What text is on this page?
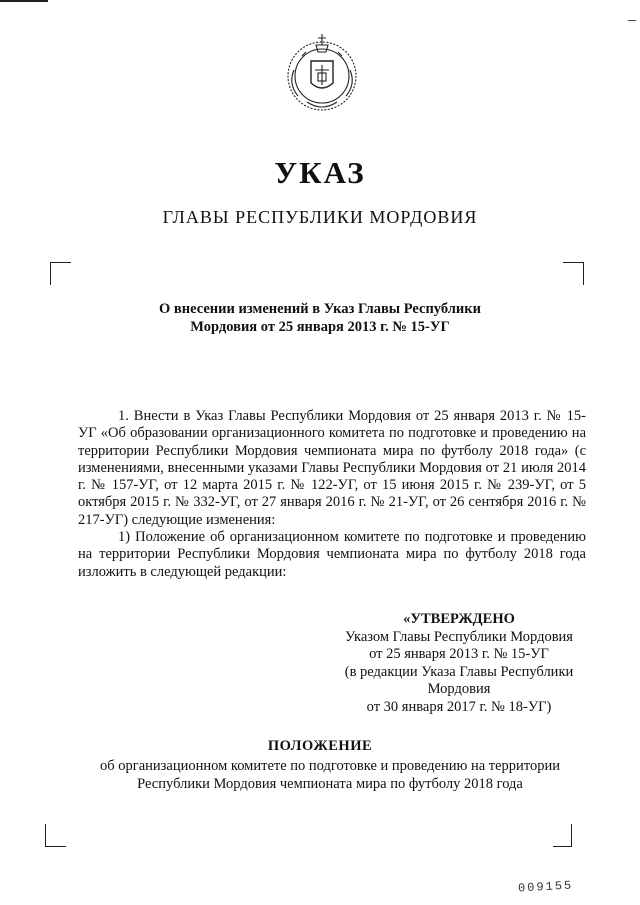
УКАЗ
ГЛАВЫ РЕСПУБЛИКИ МОРДОВИЯ
О внесении изменений в Указ Главы Республики
Мордовия от 25 января 2013 г. № 15-УГ

1. Внести в Указ Главы Республики Мордовия от 25 января 2013 г. № 15-УГ «Об образовании организационного комитета по подготовке и проведению на территории Республики Мордовия чемпионата мира по футболу 2018 года» (с изменениями, внесенными указами Главы Республики Мордовия от 21 июля 2014 г. № 157-УГ, от 12 марта 2015 г. № 122-УГ, от 15 июня 2015 г. № 239-УГ, от 5 октября 2015 г. № 332-УГ, от 27 января 2016 г. № 21-УГ, от 26 сентября 2016 г. № 217-УГ) следующие изменения:

1) Положение об организационном комитете по подготовке и проведению на территории Республики Мордовия чемпионата мира по футболу 2018 года изложить в следующей редакции:

«УТВЕРЖДЕНО
Указом Главы Республики Мордовия
от 25 января 2013 г. № 15-УГ
(в редакции Указа Главы Республики
Мордовия
от 30 января 2017 г. № 18-УГ)
ПОЛОЖЕНИЕ
об организационном комитете по подготовке и проведению на территории
Республики Мордовия чемпионата мира по футболу 2018 года
009155
